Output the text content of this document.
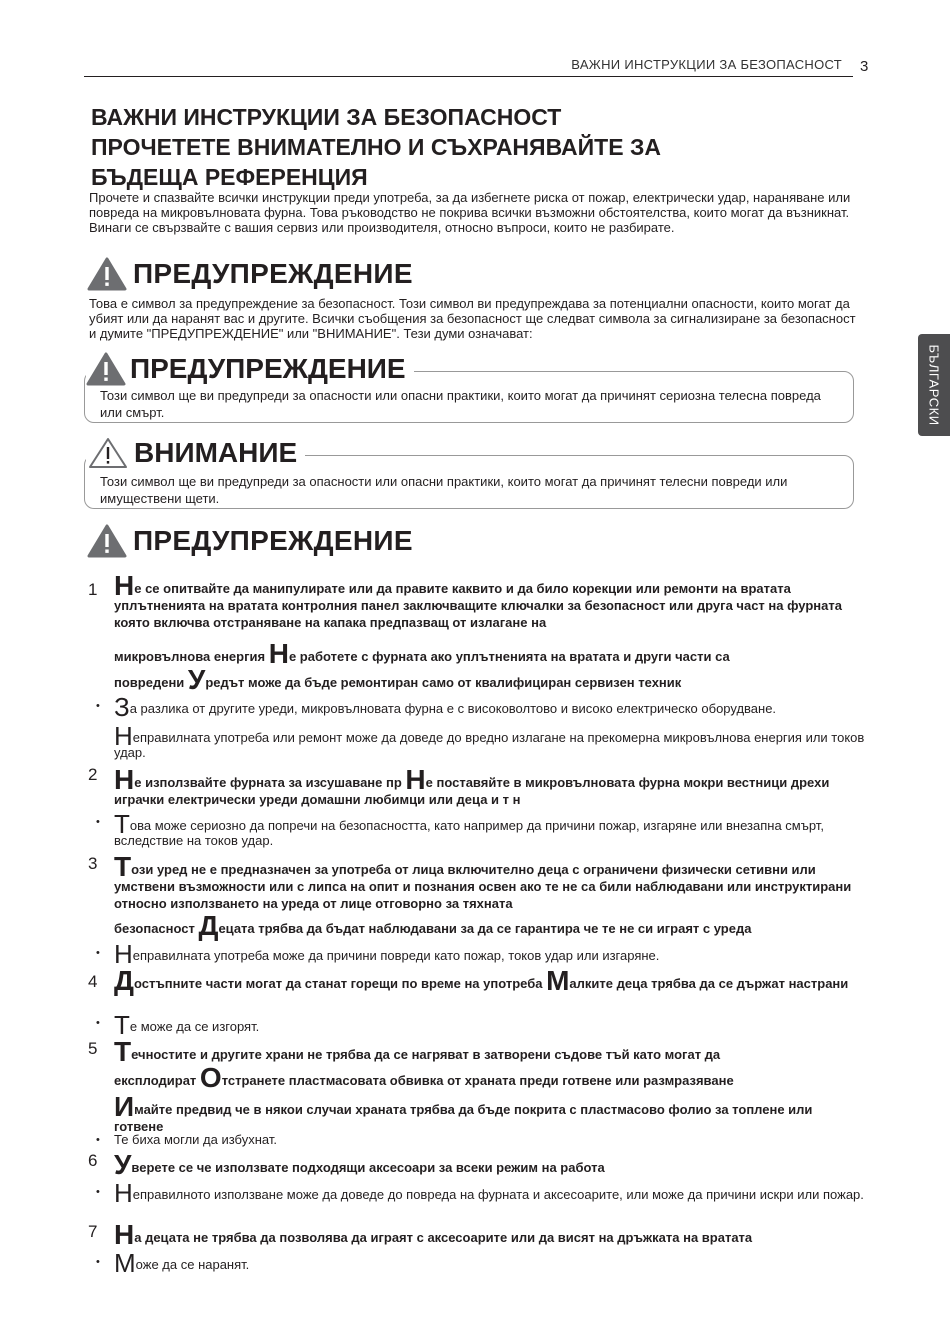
ВАЖНИ ИНСТРУКЦИИ ЗА БЕЗОПАСНОСТ 3
БЪЛГАРСКИ
ВАЖНИ ИНСТРУКЦИИ ЗА БЕЗОПАСНОСТ
ПРОЧЕТЕТЕ ВНИМАТЕЛНО И СЪХРАНЯВАЙТЕ ЗА
БЪДЕЩА РЕФЕРЕНЦИЯ
Прочете и спазвайте всички инструкции преди употреба, за да избегнете риска от пожар, електрически удар, нараняване или повреда на микровълновата фурна. Това ръководство не покрива всички възможни обстоятелства, които могат да възникнат. Винаги се свързвайте с вашия сервиз или производителя, относно въпроси, които не разбирате.
ПРЕДУПРЕЖДЕНИЕ
Това е символ за предупреждение за безопасност. Този символ ви предупреждава за потенциални опасности, които могат да убият или да наранят вас и другите. Всички съобщения за безопасност ще следват символа за сигнализиране за безопасност и думите "ПРЕДУПРЕЖДЕНИЕ" или "ВНИМАНИЕ". Тези думи означават:
ПРЕДУПРЕЖДЕНИЕ
Този символ ще ви предупреди за опасности или опасни практики, които могат да причинят сериозна телесна повреда или смърт.
ВНИМАНИЕ
Този символ ще ви предупреди за опасности или опасни практики, които могат да причинят телесни повреди или имуществени щети.
ПРЕДУПРЕЖДЕНИЕ
1 Не се опитвайте да манипулирате или да правите каквито и да било корекции или ремонти на вратата уплътненията на вратата контролния панел заключващите ключалки за безопасност или друга част на фурната която включва отстраняване на капака предпазващ от излагане на
микровълнова енергия Не работете с фурната ако уплътненията на вратата и други части са
повредени Уредът може да бъде ремонтиран само от квалифициран сервизен техник
• За разлика от другите уреди, микровълновата фурна е с високоволтово и високо електрическо оборудване.
Неправилната употреба или ремонт може да доведе до вредно излагане на прекомерна микровълнова енергия или токов удар.
2 Не използвайте фурната за изсушаване пр Не поставяйте в микровълновата фурна мокри вестници дрехи играчки електрически уреди домашни любимци или деца и т н
• Това може сериозно да попречи на безопасността, като например да причини пожар, изгаряне или внезапна смърт, вследствие на токов удар.
3 Този уред не е предназначен за употреба от лица включително деца с ограничени физически сетивни или умствени възможности или с липса на опит и познания освен ако те не са били наблюдавани или инструктирани относно използването на уреда от лице отговорно за тяхната
безопасност Децата трябва да бъдат наблюдавани за да се гарантира че те не си играят с уреда
• Неправилната употреба може да причини повреди като пожар, токов удар или изгаряне.
4 Достъпните части могат да станат горещи по време на употреба Малките деца трябва да се държат настрани
• Те може да се изгорят.
5 Течностите и другите храни не трябва да се нагряват в затворени съдове тъй като могат да
експлодират Отстранете пластмасовата обвивка от храната преди готвене или размразяване
Имайте предвид че в някои случаи храната трябва да бъде покрита с пластмасово фолио за топлене или готвене
• Те биха могли да избухнат.
6 Уверете се че използвате подходящи аксесоари за всеки режим на работа
• Неправилното използване може да доведе до повреда на фурната и аксесоарите, или може да причини искри или пожар.
7 На децата не трябва да позволява да играят с аксесоарите или да висят на дръжката на вратата
• Може да се наранят.
